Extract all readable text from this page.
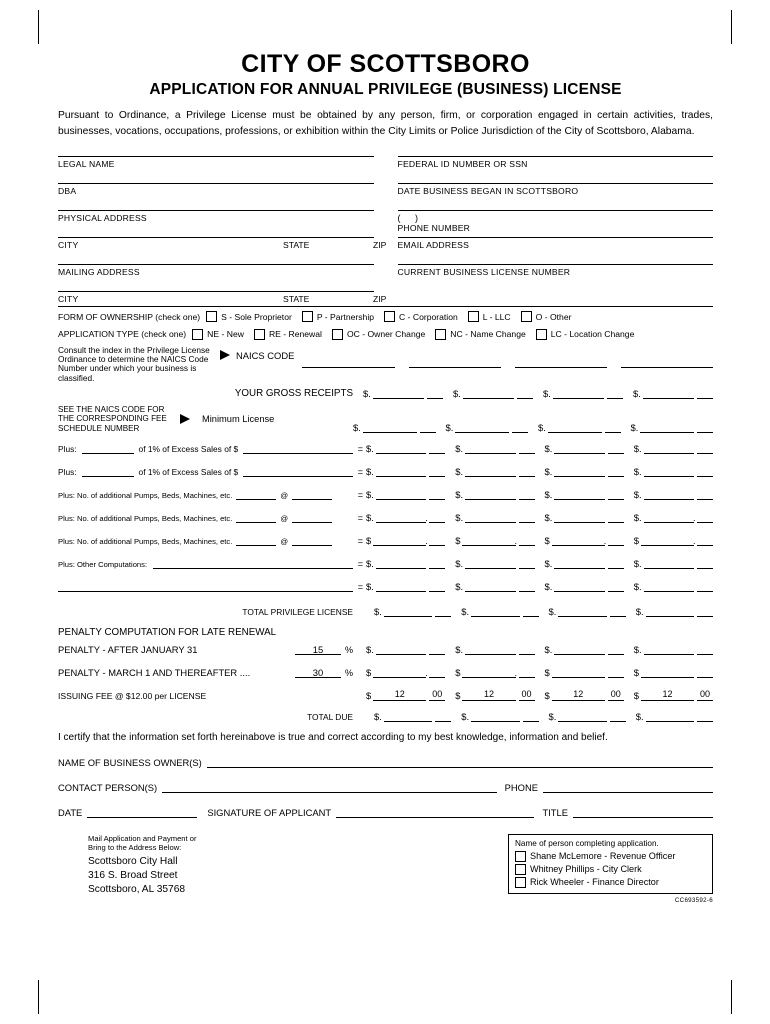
CITY OF SCOTTSBORO
APPLICATION FOR ANNUAL PRIVILEGE (BUSINESS) LICENSE

Pursuant to Ordinance, a Privilege License must be obtained by any person, firm, or corporation engaged in certain activities, trades, businesses, vocations, occupations, professions, or exhibition within the City Limits or Police Jurisdiction of the City of Scottsboro, Alabama.

LEGAL NAME
DBA
PHYSICAL ADDRESS
CITY	STATE	ZIP
MAILING ADDRESS
CITY	STATE	ZIP
FEDERAL ID NUMBER OR SSN
DATE BUSINESS BEGAN IN SCOTTSBORO
( )
PHONE NUMBER
EMAIL ADDRESS
CURRENT BUSINESS LICENSE NUMBER
FORM OF OWNERSHIP (check one) S - Sole Proprietor	P - Partnership	C - Corporation	L - LLC	O - Other
APPLICATION TYPE (check one) NE - New	RE - Renewal	OC - Owner Change	NC - Name Change	LC - Location Change
Consult the index in the Privilege License Ordinance to determine the NAICS Code Number under which your business is classified.
NAICS CODE
YOUR GROSS RECEIPTS	$.	$.	$.	$.
SEE THE NAICS CODE FOR THE CORRESPONDING FEE SCHEDULE NUMBER
Minimum License
$.	$.	$.	$.
Plus:	of 1% of Excess Sales of $	= $.	$.	$.	$.
Plus:	of 1% of Excess Sales of $	= $.	$.	$.	$.
Plus: No. of additional Pumps, Beds, Machines, etc.	@	= $.	$.	$.	$.
Plus: No. of additional Pumps, Beds, Machines, etc.	@	= $.	.	$.	$.	$.	.
Plus: No. of additional Pumps, Beds, Machines, etc.	@	= $	.	$	.	$	.	$	.
Plus: Other Computations:	= $.	$.	$.	$.
= $.	$.	$.	$.
TOTAL PRIVILEGE LICENSE	$.	$.	$.	$.
PENALTY COMPUTATION FOR LATE RENEWAL
PENALTY - AFTER JANUARY 31	15	% $.	$.	$.	$.
PENALTY - MARCH 1 AND THEREAFTER ....	30	% $	.	$	.	$	$
ISSUING FEE @ $12.00 per LICENSE	$	12	00	$	12	00	$	12	00	$	12	00
TOTAL DUE	$.	$.	$.	$.
I certify that the information set forth hereinabove is true and correct according to my best knowledge, information and belief.
NAME OF BUSINESS OWNER(S)
CONTACT PERSON(S)	PHONE
DATE	SIGNATURE OF APPLICANT	TITLE
Mail Application and Payment or
Bring to the Address Below:
Scottsboro City Hall
316 S. Broad Street
Scottsboro, AL 35768
Name of person completing application.
Shane McLemore - Revenue Officer
Whitney Phillips - City Clerk
Rick Wheeler - Finance Director
CC693592-6
